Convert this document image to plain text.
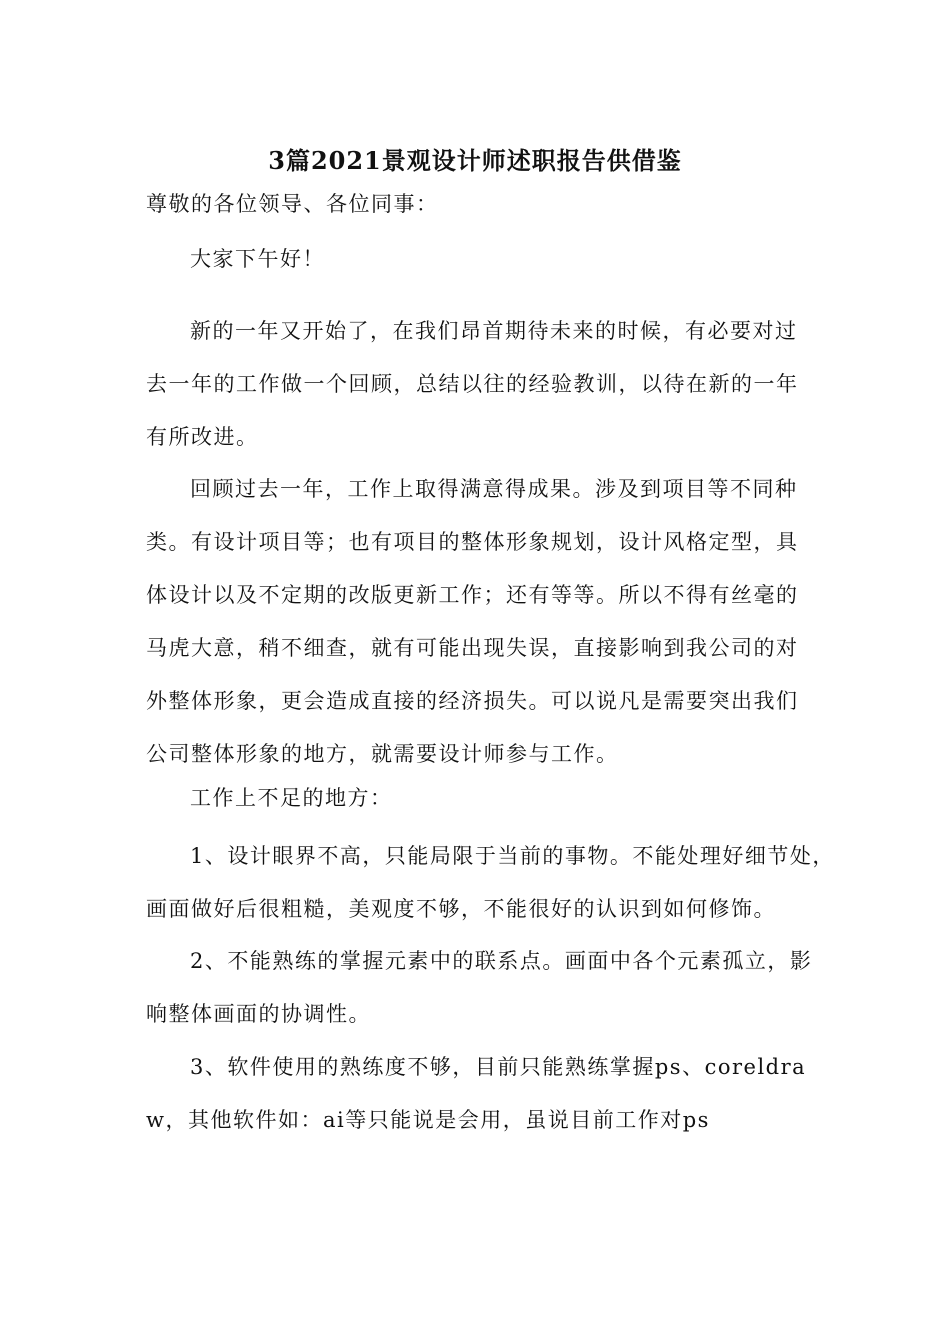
3篇2021景观设计师述职报告供借鉴

尊敬的各位领导、各位同事：

大家下午好！

新的一年又开始了，在我们昂首期待未来的时候，有必要对过去一年的工作做一个回顾，总结以往的经验教训，以待在新的一年有所改进。

回顾过去一年，工作上取得满意得成果。涉及到项目等不同种类。有设计项目等；也有项目的整体形象规划，设计风格定型，具体设计以及不定期的改版更新工作；还有等等。所以不得有丝毫的马虎大意，稍不细查，就有可能出现失误，直接影响到我公司的对外整体形象，更会造成直接的经济损失。可以说凡是需要突出我们公司整体形象的地方，就需要设计师参与工作。

工作上不足的地方：

1、设计眼界不高，只能局限于当前的事物。不能处理好细节处，画面做好后很粗糙，美观度不够，不能很好的认识到如何修饰。

2、不能熟练的掌握元素中的联系点。画面中各个元素孤立，影响整体画面的协调性。

3、软件使用的熟练度不够，目前只能熟练掌握ps、coreldraw，其他软件如：ai等只能说是会用，虽说目前工作对ps
